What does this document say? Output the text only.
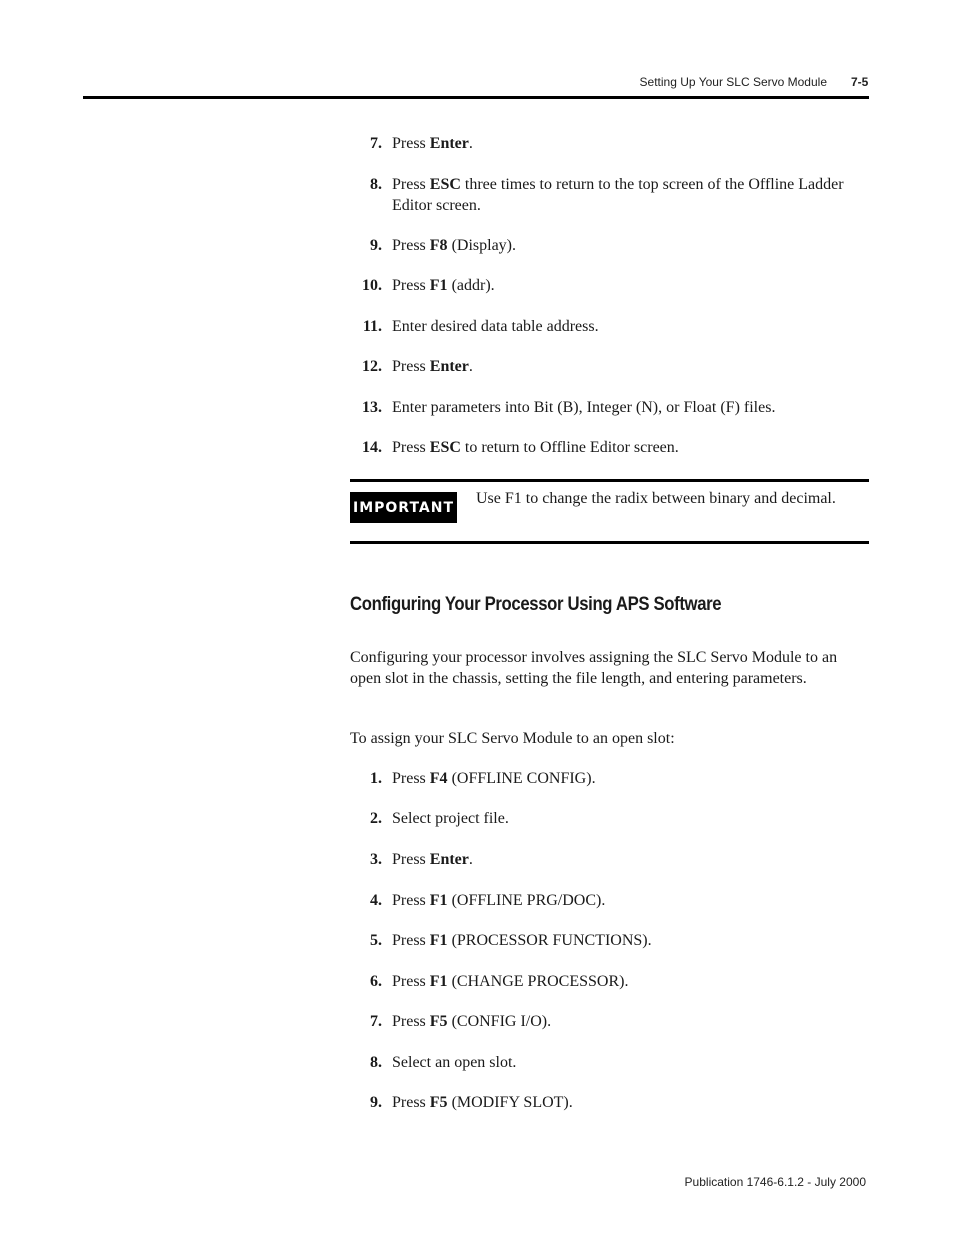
Setting Up Your SLC Servo Module 7-5
7. Press Enter.
8. Press ESC three times to return to the top screen of the Offline Ladder Editor screen.
9. Press F8 (Display).
10. Press F1 (addr).
11. Enter desired data table address.
12. Press Enter.
13. Enter parameters into Bit (B), Integer (N), or Float (F) files.
14. Press ESC to return to Offline Editor screen.
IMPORTANT
Use F1 to change the radix between binary and decimal.
Configuring Your Processor Using APS Software
Configuring your processor involves assigning the SLC Servo Module to an open slot in the chassis, setting the file length, and entering parameters.
To assign your SLC Servo Module to an open slot:
1. Press F4 (OFFLINE CONFIG).
2. Select project file.
3. Press Enter.
4. Press F1 (OFFLINE PRG/DOC).
5. Press F1 (PROCESSOR FUNCTIONS).
6. Press F1 (CHANGE PROCESSOR).
7. Press F5 (CONFIG I/O).
8. Select an open slot.
9. Press F5 (MODIFY SLOT).
Publication 1746-6.1.2 - July 2000
